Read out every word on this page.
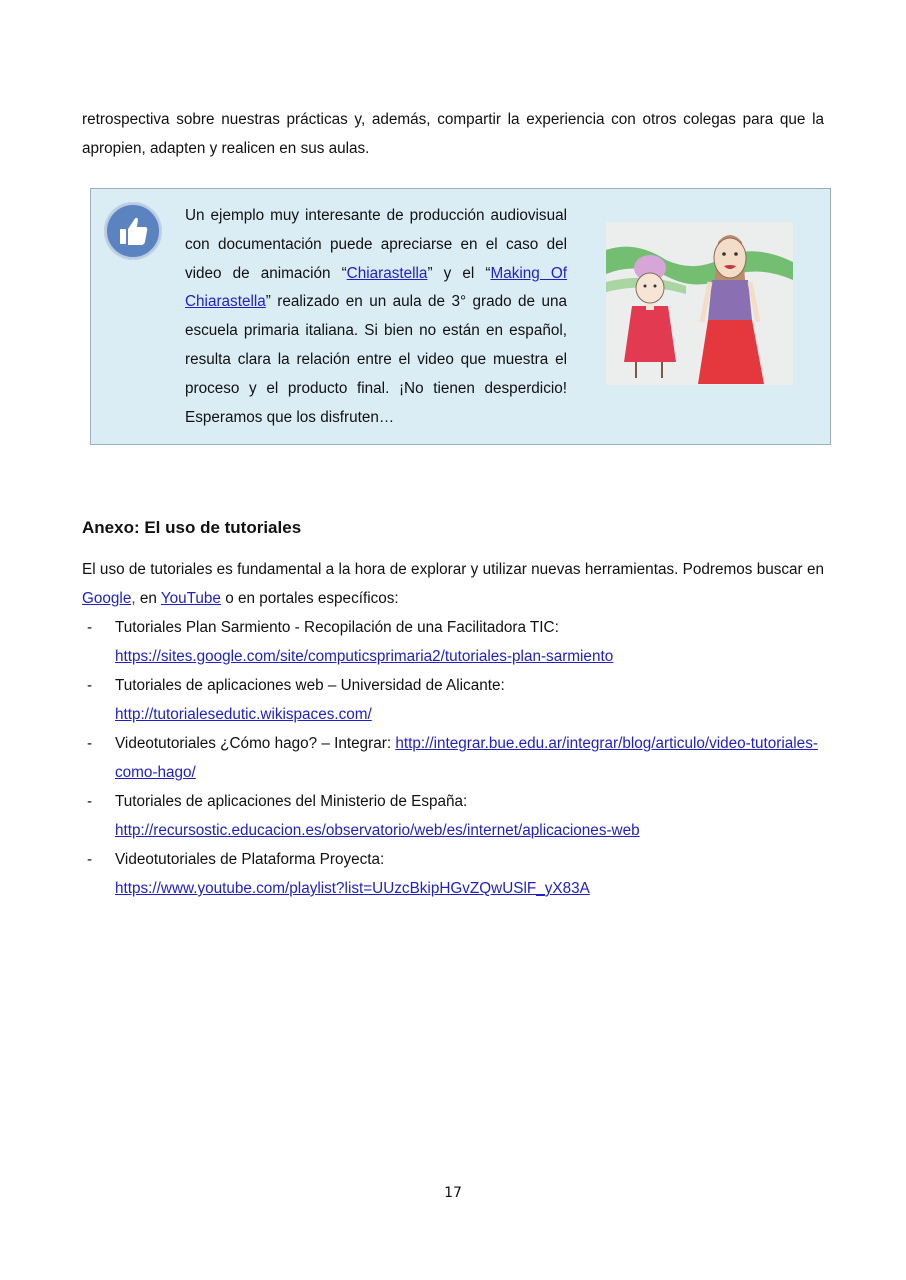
retrospectiva sobre nuestras prácticas y, además, compartir la experiencia con otros colegas para que la apropien, adapten y realicen en sus aulas.

Un ejemplo muy interesante de producción audiovisual con documentación puede apreciarse en el caso del video de animación “Chiarastella” y el “Making Of Chiarastella” realizado en un aula de 3° grado de una escuela primaria italiana. Si bien no están en español, resulta clara la relación entre el video que muestra el proceso y el producto final. ¡No tienen desperdicio! Esperamos que los disfruten…

Anexo: El uso de tutoriales

El uso de tutoriales es fundamental a la hora de explorar y utilizar nuevas herramientas. Podremos buscar en Google, en YouTube o en portales específicos:

- Tutoriales Plan Sarmiento - Recopilación de una Facilitadora TIC:
https://sites.google.com/site/computicsprimaria2/tutoriales-plan-sarmiento
- Tutoriales de aplicaciones web – Universidad de Alicante:
http://tutorialesedutic.wikispaces.com/
- Videotutoriales ¿Cómo hago? – Integrar: http://integrar.bue.edu.ar/integrar/blog/articulo/video-tutoriales-como-hago/
- Tutoriales de aplicaciones del Ministerio de España:
http://recursostic.educacion.es/observatorio/web/es/internet/aplicaciones-web
- Videotutoriales de Plataforma Proyecta:
https://www.youtube.com/playlist?list=UUzcBkipHGvZQwUSlF_yX83A
17
